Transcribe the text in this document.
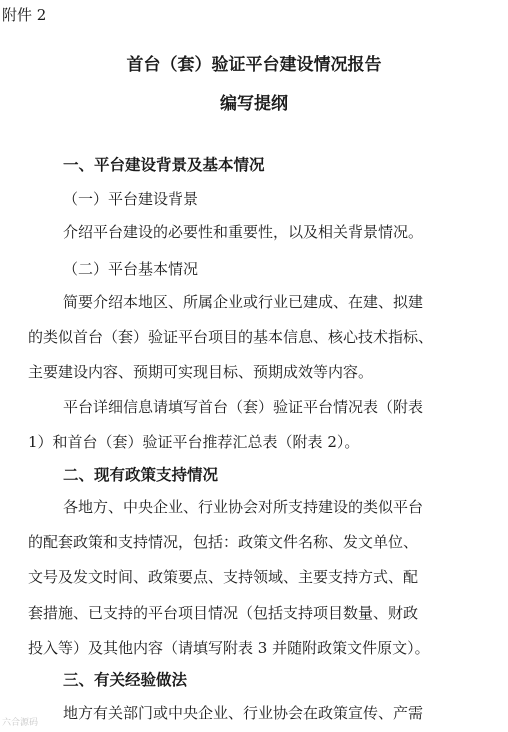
附件 2
首台（套）验证平台建设情况报告
编写提纲
一、平台建设背景及基本情况
（一）平台建设背景
介绍平台建设的必要性和重要性，以及相关背景情况。
（二）平台基本情况
简要介绍本地区、所属企业或行业已建成、在建、拟建
的类似首台（套）验证平台项目的基本信息、核心技术指标、
主要建设内容、预期可实现目标、预期成效等内容。
平台详细信息请填写首台（套）验证平台情况表（附表
1）和首台（套）验证平台推荐汇总表（附表 2）。
二、现有政策支持情况
各地方、中央企业、行业协会对所支持建设的类似平台
的配套政策和支持情况，包括：政策文件名称、发文单位、
文号及发文时间、政策要点、支持领域、主要支持方式、配
套措施、已支持的平台项目情况（包括支持项目数量、财政
投入等）及其他内容（请填写附表 3 并随附政策文件原文）。
三、有关经验做法
地方有关部门或中央企业、行业协会在政策宣传、产需
六合源码
